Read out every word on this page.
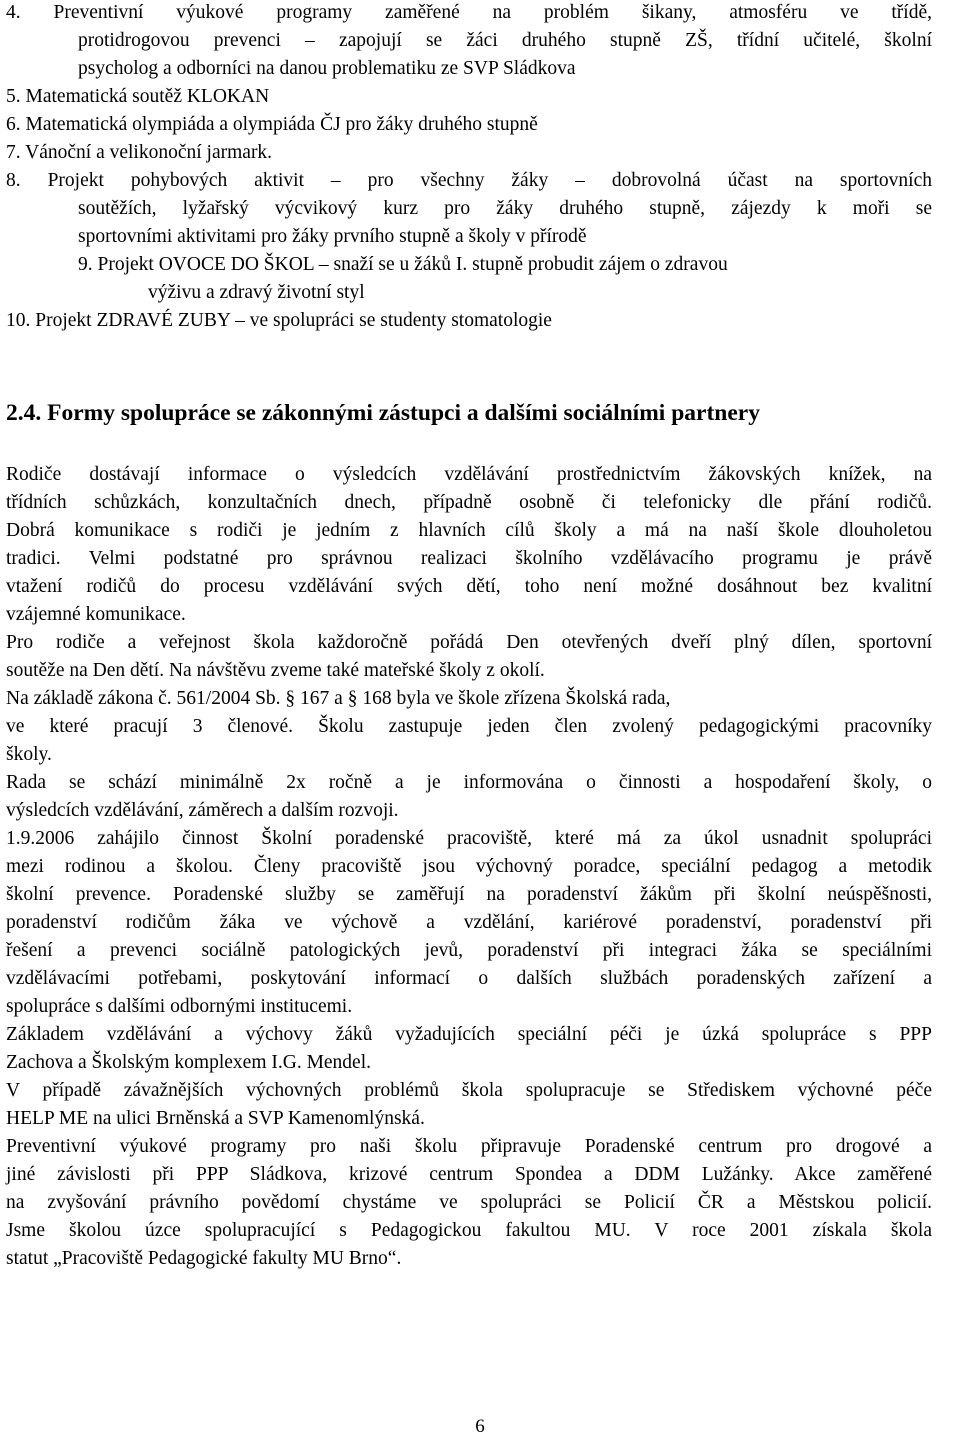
4. Preventivní výukové programy zaměřené na problém šikany, atmosféru ve třídě,
protidrogovou prevenci – zapojují se žáci druhého stupně ZŠ, třídní učitelé, školní
psycholog a odborníci na danou problematiku ze SVP Sládkova
5. Matematická soutěž KLOKAN
6. Matematická olympiáda a olympiáda ČJ pro žáky druhého stupně
7. Vánoční a velikonoční jarmark.
8. Projekt pohybových aktivit – pro všechny žáky – dobrovolná účast na sportovních
soutěžích, lyžařský výcvikový kurz pro žáky druhého stupně, zájezdy k moři se
sportovními aktivitami pro žáky prvního stupně a školy v přírodě
9. Projekt OVOCE DO ŠKOL – snaží se u žáků I. stupně probudit zájem o zdravou
výživu a zdravý životní styl
10. Projekt ZDRAVÉ ZUBY – ve spolupráci se studenty stomatologie
2.4. Formy spolupráce se zákonnými zástupci a dalšími sociálními partnery
Rodiče dostávají informace o výsledcích vzdělávání prostřednictvím žákovských knížek, na
třídních schůzkách, konzultačních dnech, případně osobně či telefonicky dle přání rodičů.
Dobrá komunikace s rodiči je jedním z hlavních cílů školy a má na naší škole dlouholetou
tradici. Velmi podstatné pro správnou realizaci školního vzdělávacího programu je právě
vtažení rodičů do procesu vzdělávání svých dětí, toho není možné dosáhnout bez kvalitní
vzájemné komunikace.
Pro rodiče a veřejnost škola každoročně pořádá Den otevřených dveří plný dílen, sportovní
soutěže na Den dětí. Na návštěvu zveme také mateřské školy z okolí.
Na základě zákona č. 561/2004 Sb. § 167 a § 168 byla ve škole zřízena Školská rada,
ve které pracují 3 členové. Školu zastupuje jeden člen zvolený pedagogickými pracovníky
školy.
Rada se schází minimálně 2x ročně a je informována o činnosti a hospodaření školy, o
výsledcích vzdělávání, záměrech a dalším rozvoji.
1.9.2006 zahájilo činnost Školní poradenské pracoviště, které má za úkol usnadnit spolupráci
mezi rodinou a školou. Členy pracoviště jsou výchovný poradce, speciální pedagog a metodik
školní prevence. Poradenské služby se zaměřují na poradenství žákům při školní neúspěšnosti,
poradenství rodičům žáka ve výchově a vzdělání, kariérové poradenství, poradenství při
řešení a prevenci sociálně patologických jevů, poradenství při integraci žáka se speciálními
vzdělávacími potřebami, poskytování informací o dalších službách poradenských zařízení a
spolupráce s dalšími odbornými institucemi.
Základem vzdělávání a výchovy žáků vyžadujících speciální péči je úzká spolupráce s PPP
Zachova a Školským komplexem I.G. Mendel.
V případě závažnějších výchovných problémů škola spolupracuje se Střediskem výchovné péče
HELP ME na ulici Brněnská a SVP Kamenomlýnská.
Preventivní výukové programy pro naši školu připravuje Poradenské centrum pro drogové a
jiné závislosti při PPP Sládkova, krizové centrum Spondea a DDM Lužánky. Akce zaměřené
na zvyšování právního povědomí chystáme ve spolupráci se Policií ČR a Městskou policií.
Jsme školou úzce spolupracující s Pedagogickou fakultou MU. V roce 2001 získala škola
statut „Pracoviště Pedagogické fakulty MU Brno“.
6
